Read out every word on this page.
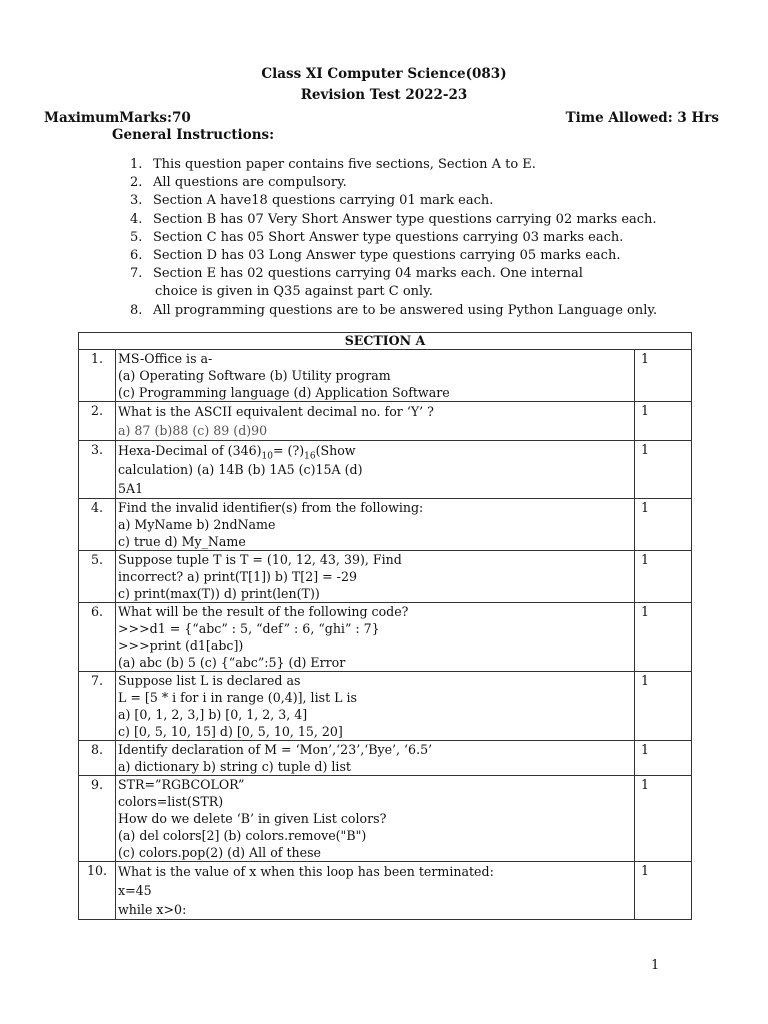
Class XI Computer Science(083)
Revision Test 2022-23
MaximumMarks:70	Time Allowed: 3 Hrs
General Instructions:
1. This question paper contains five sections, Section A to E.
2. All questions are compulsory.
3. Section A have18 questions carrying 01 mark each.
4. Section B has 07 Very Short Answer type questions carrying 02 marks each.
5. Section C has 05 Short Answer type questions carrying 03 marks each.
6. Section D has 03 Long Answer type questions carrying 05 marks each.
7. Section E has 02 questions carrying 04 marks each. One internal
choice is given in Q35 against part C only.
8. All programming questions are to be answered using Python Language only.
SECTION A		
1.	MS-Office is a-
(a) Operating Software (b) Utility program
(c) Programming language (d) Application Software	1
2.	What is the ASCII equivalent decimal no. for ‘Y’ ?
a) 87 (b)88 (c) 89 (d)90	1
3.	Hexa-Decimal of $(346)_{10}=$ $(?)_{16}(Show$
calculation) (a) 14B (b) 1A5 (c)15A (d)
5A1	1
4.	Find the invalid identifier(s) from the following:
a) MyName b) 2ndName
c) true d) My_Name	1
5.	Suppose tuple T is T = (10, 12, 43, 39), Find
incorrect? a) print(T[1]) b) T[2] = -29
c) print(max(T)) d) print(len(T))	1
6.	What will be the result of the following code?
>>>d1 = {“abc” : 5, “def” : 6, “ghi” : 7}
>>>print (d1[abc])
(a) abc (b) 5 (c) {“abc”:5} (d) Error	1
7.	Suppose list L is declared as
L = [5 * i for i in range (0,4)], list L is
a) [0, 1, 2, 3,] b) [0, 1, 2, 3, 4]
c) [0, 5, 10, 15] d) [0, 5, 10, 15, 20]	1
8.	Identify declaration of M = ‘Mon’,‘23’,‘Bye’, ‘6.5’
a) dictionary b) string c) tuple d) list	1
9.	STR=”RGBCOLOR”
colors=list(STR)
How do we delete ‘B’ in given List colors?
(a) del colors[2] (b) colors.remove("B")
(c) colors.pop(2) (d) All of these	1
10.	What is the value of x when this loop has been terminated:
x=45
while x>0:	1
1
